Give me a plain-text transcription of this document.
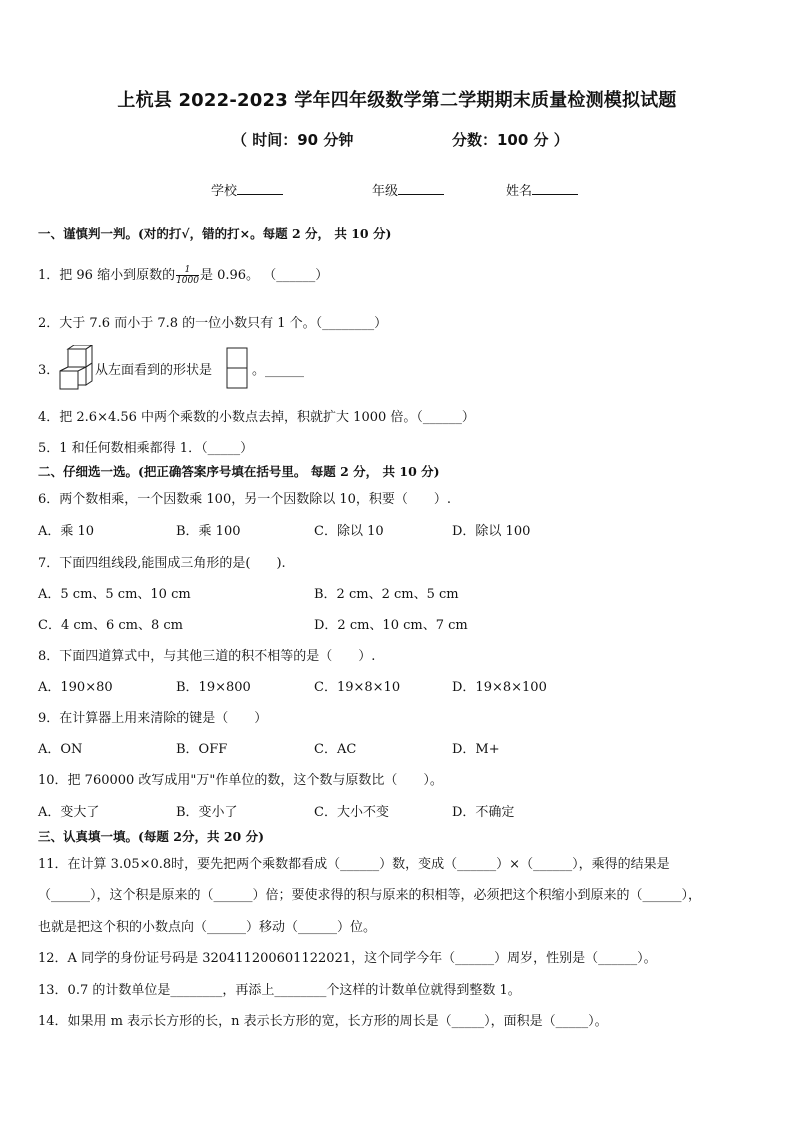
上杭县 2022-2023 学年四年级数学第二学期期末质量检测模拟试题
（ 时间：90 分钟	分数：100 分 ）
学校	年级	姓名
一、谨慎判一判。(对的打√，错的打×。每题 2 分， 共 10 分)
1．把 96 缩小到原数的 $\frac{1}{1000}$ 是 0.96。 （______）
2．大于 7.6 而小于 7.8 的一位小数只有 1 个。（________）
3．	从左面看到的形状是	。______
4．把 2.6×4.56 中两个乘数的小数点去掉，积就扩大 1000 倍。（______）
5．1 和任何数相乘都得 1．（_____）
二、仔细选一选。(把正确答案序号填在括号里。 每题 2 分， 共 10 分)
6．两个数相乘，一个因数乘 100，另一个因数除以 10，积要（　　）.
A．乘 10	B．乘 100	C．除以 10	D．除以 100
7．下面四组线段,能围成三角形的是(　　).
A．5 cm、5 cm、10 cm	B．2 cm、2 cm、5 cm
C．4 cm、6 cm、8 cm	D．2 cm、10 cm、7 cm
8．下面四道算式中，与其他三道的积不相等的是（　　）.
A．190×80	B．19×800	C．19×8×10	D．19×8×100
9．在计算器上用来清除的键是（　　）
A．ON	B．OFF	C．AC	D．M+
10．把 760000 改写成用"万"作单位的数，这个数与原数比（　　）。
A．变大了	B．变小了	C．大小不变	D．不确定
三、认真填一填。(每题 2分，共 20 分)
11．在计算 3.05×0.8时，要先把两个乘数都看成（______）数，变成（______）×（______），乘得的结果是
（______），这个积是原来的（______）倍；要使求得的积与原来的积相等，必须把这个积缩小到原来的（______），
也就是把这个积的小数点向（______）移动（______）位。
12．A 同学的身份证号码是 320411200601122021，这个同学今年（______）周岁，性别是（______）。
13．0.7 的计数单位是________，再添上________个这样的计数单位就得到整数 1。
14．如果用 m 表示长方形的长，n 表示长方形的宽，长方形的周长是（_____），面积是（_____）。
